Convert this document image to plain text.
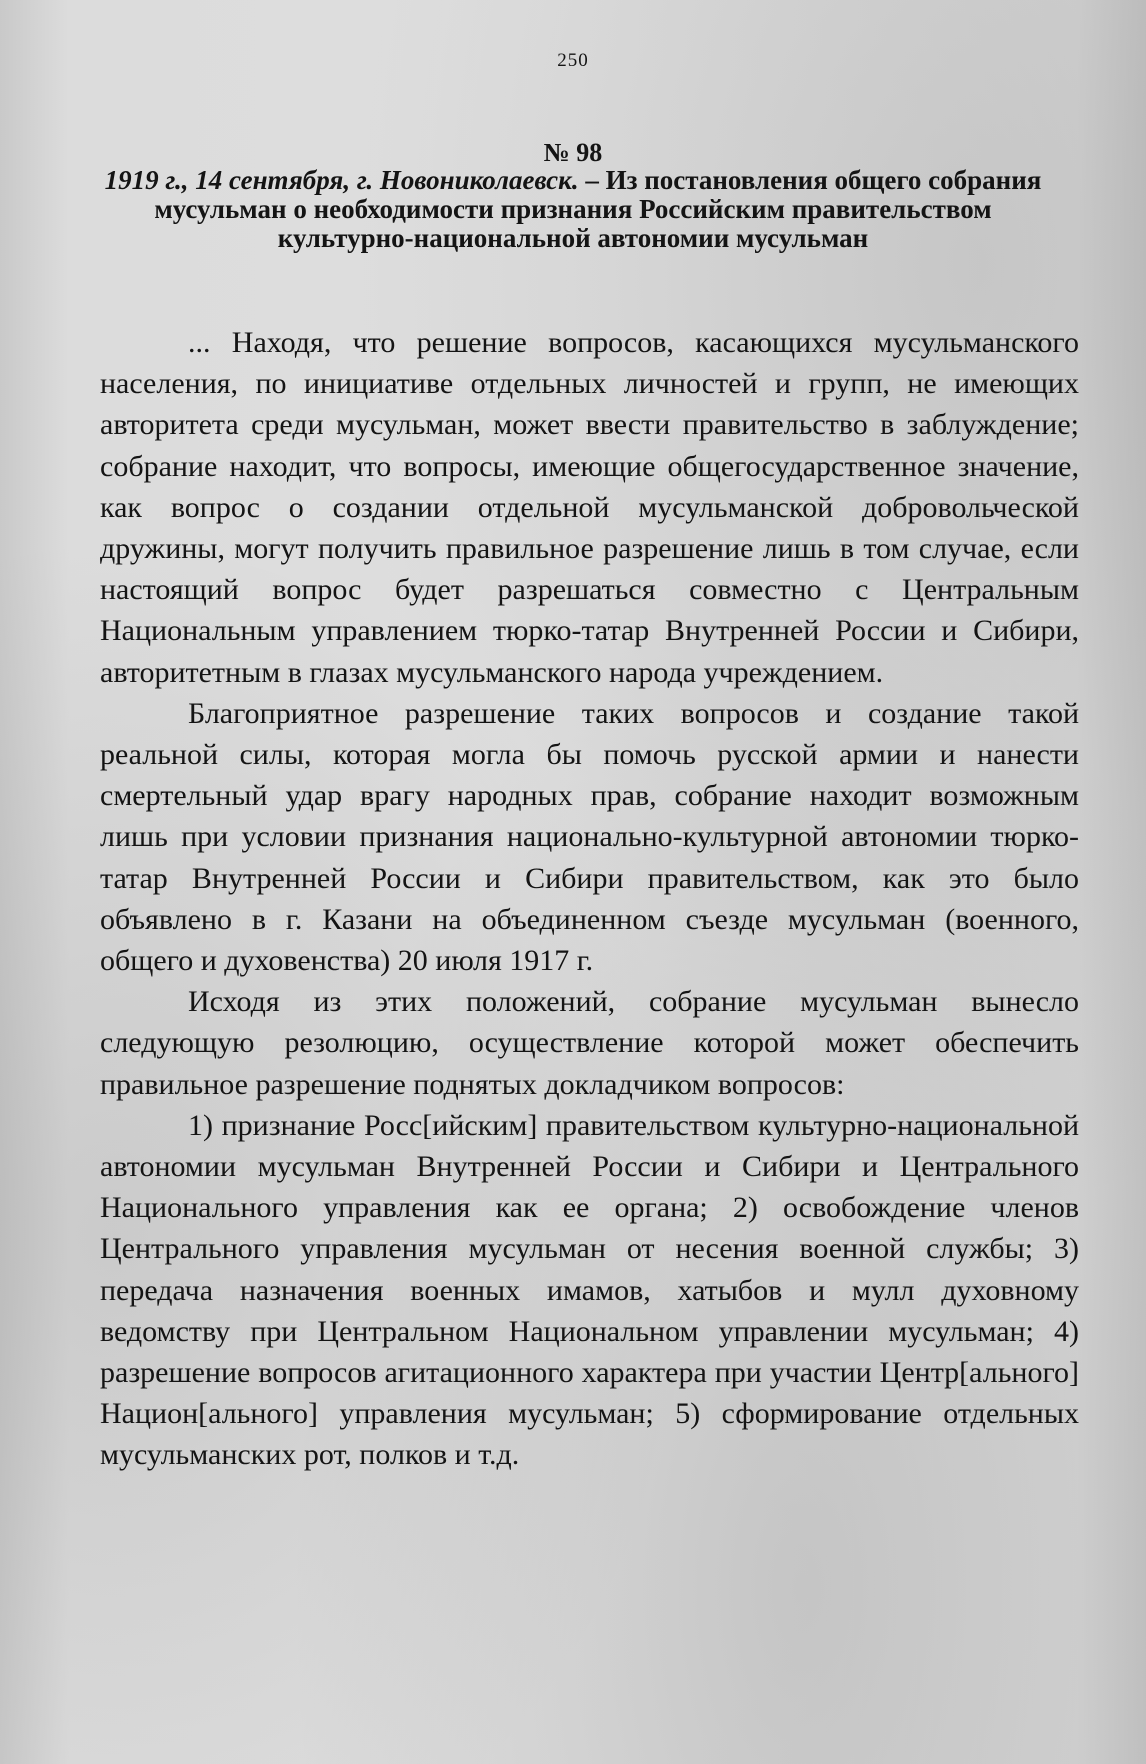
250
№ 98
1919 г., 14 сентября, г. Новониколаевск. – Из постановления общего собрания мусульман о необходимости признания Российским правительством культурно-национальной автономии мусульман

... Находя, что решение вопросов, касающихся мусульманского населения, по инициативе отдельных личностей и групп, не имеющих авторитета среди мусульман, может ввести правительство в заблуждение; собрание находит, что вопросы, имеющие общегосударственное значение, как вопрос о создании отдельной мусульманской добровольческой дружины, могут получить правильное разрешение лишь в том случае, если настоящий вопрос будет разрешаться совместно с Центральным Национальным управлением тюрко-татар Внутренней России и Сибири, авторитетным в глазах мусульманского народа учреждением.

Благоприятное разрешение таких вопросов и создание такой реальной силы, которая могла бы помочь русской армии и нанести смертельный удар врагу народных прав, собрание находит возможным лишь при условии признания национально-культурной автономии тюрко-татар Внутренней России и Сибири правительством, как это было объявлено в г. Казани на объединенном съезде мусульман (военного, общего и духовенства) 20 июля 1917 г.

Исходя из этих положений, собрание мусульман вынесло следующую резолюцию, осуществление которой может обеспечить правильное разрешение поднятых докладчиком вопросов:

1) признание Росс[ийским] правительством культурно-национальной автономии мусульман Внутренней России и Сибири и Центрального Национального управления как ее органа; 2) освобождение членов Центрального управления мусульман от несения военной службы; 3) передача назначения военных имамов, хатыбов и мулл духовному ведомству при Центральном Национальном управлении мусульман; 4) разрешение вопросов агитационного характера при участии Центр[ального] Национ[ального] управления мусульман; 5) сформирование отдельных мусульманских рот, полков и т.д.
